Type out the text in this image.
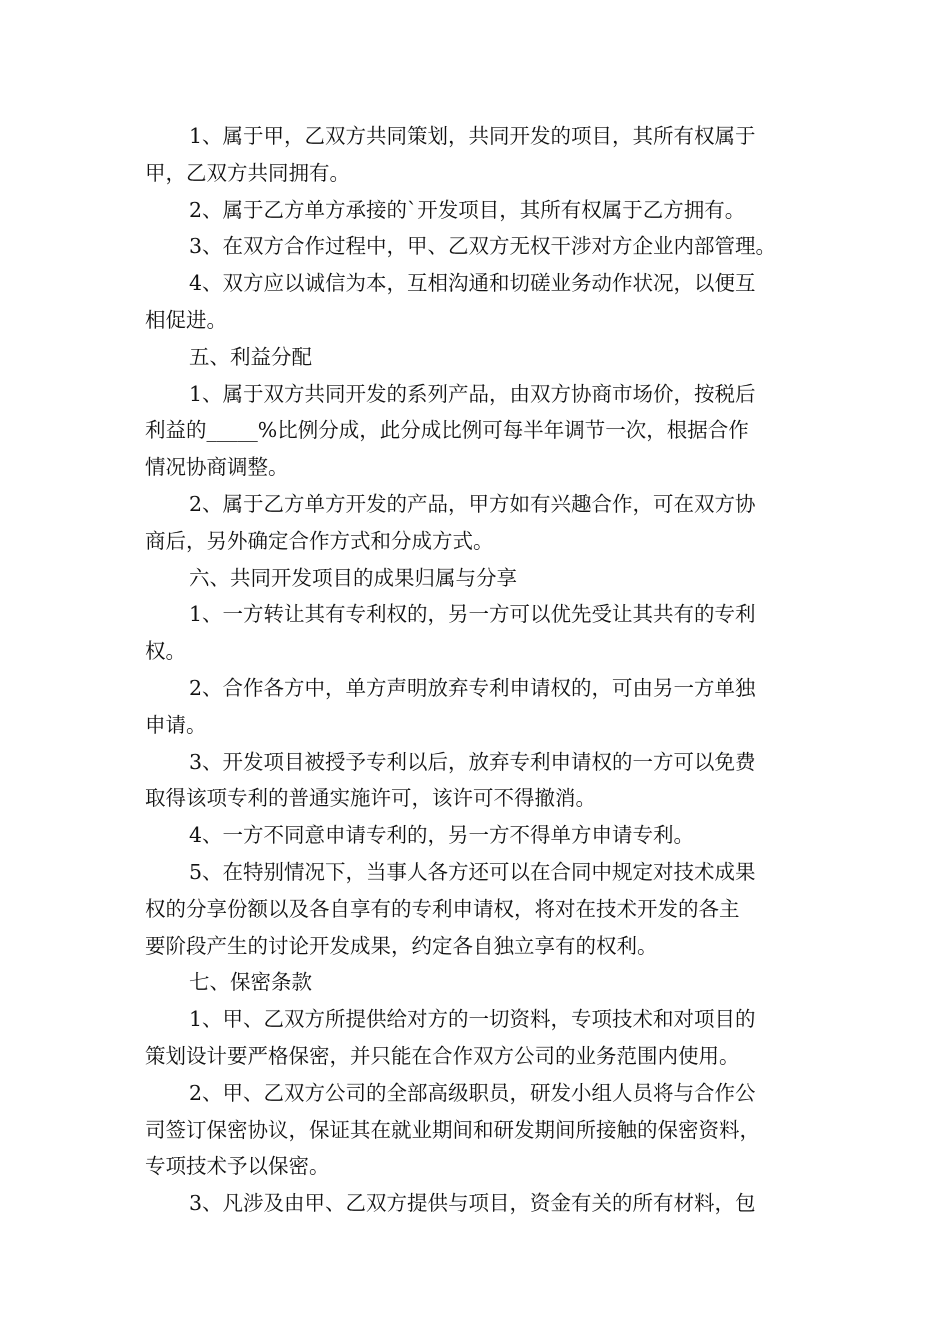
1、属于甲，乙双方共同策划，共同开发的项目，其所有权属于
甲，乙双方共同拥有。
2、属于乙方单方承接的`开发项目，其所有权属于乙方拥有。
3、在双方合作过程中，甲、乙双方无权干涉对方企业内部管理。
4、双方应以诚信为本，互相沟通和切磋业务动作状况，以便互
相促进。
五、利益分配
1、属于双方共同开发的系列产品，由双方协商市场价，按税后
利益的_____%比例分成，此分成比例可每半年调节一次，根据合作
情况协商调整。
2、属于乙方单方开发的产品，甲方如有兴趣合作，可在双方协
商后，另外确定合作方式和分成方式。
六、共同开发项目的成果归属与分享
1、一方转让其有专利权的，另一方可以优先受让其共有的专利
权。
2、合作各方中，单方声明放弃专利申请权的，可由另一方单独
申请。
3、开发项目被授予专利以后，放弃专利申请权的一方可以免费
取得该项专利的普通实施许可，该许可不得撤消。
4、一方不同意申请专利的，另一方不得单方申请专利。
5、在特别情况下，当事人各方还可以在合同中规定对技术成果
权的分享份额以及各自享有的专利申请权，将对在技术开发的各主
要阶段产生的讨论开发成果，约定各自独立享有的权利。
七、保密条款
1、甲、乙双方所提供给对方的一切资料，专项技术和对项目的
策划设计要严格保密，并只能在合作双方公司的业务范围内使用。
2、甲、乙双方公司的全部高级职员，研发小组人员将与合作公
司签订保密协议，保证其在就业期间和研发期间所接触的保密资料，
专项技术予以保密。
3、凡涉及由甲、乙双方提供与项目，资金有关的所有材料，包
